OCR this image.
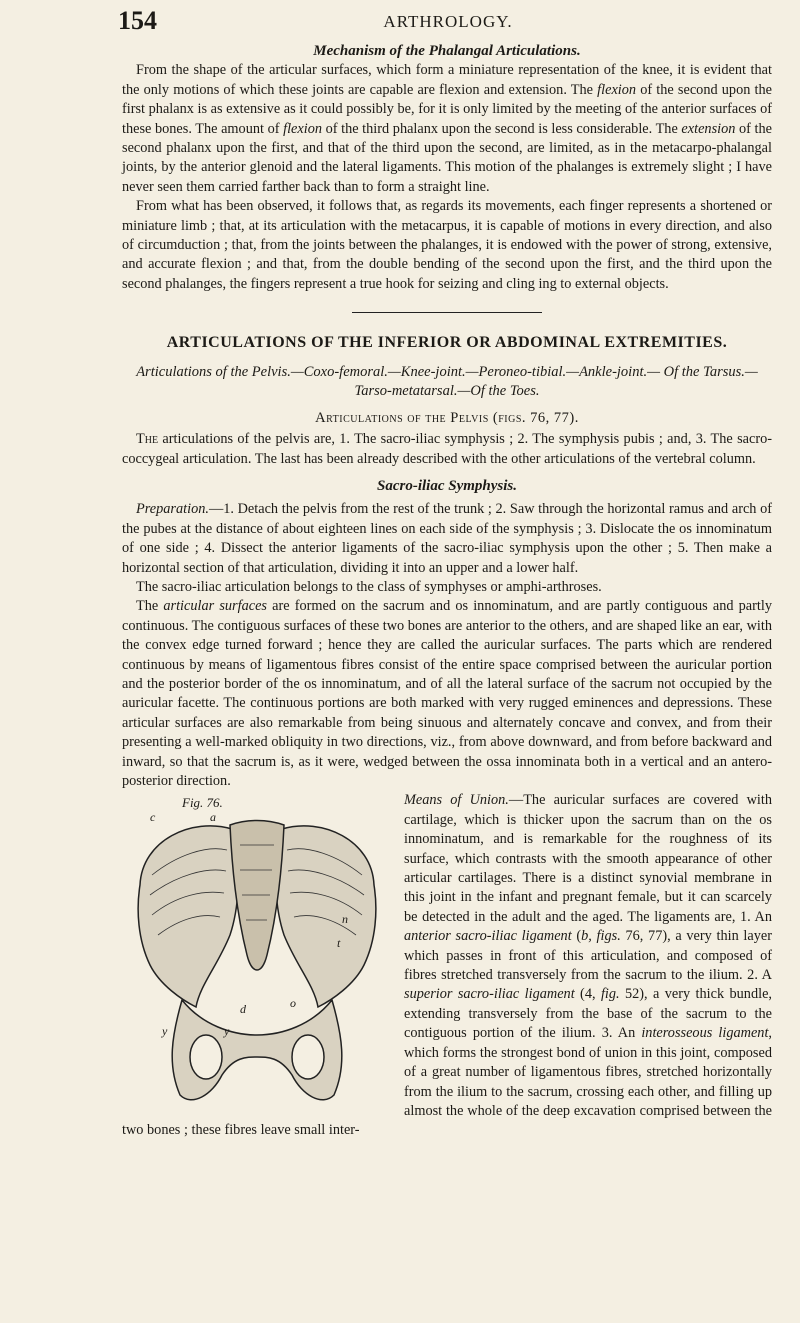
154	ARTHROLOGY.
Mechanism of the Phalangal Articulations.

From the shape of the articular surfaces, which form a miniature representation of the knee, it is evident that the only motions of which these joints are capable are flexion and extension. The flexion of the second upon the first phalanx is as extensive as it could possibly be, for it is only limited by the meeting of the anterior surfaces of these bones. The amount of flexion of the third phalanx upon the second is less considerable. The extension of the second phalanx upon the first, and that of the third upon the second, are limited, as in the metacarpo-phalangal joints, by the anterior glenoid and the lateral ligaments. This motion of the phalanges is extremely slight ; I have never seen them carried farther back than to form a straight line.

From what has been observed, it follows that, as regards its movements, each finger represents a shortened or miniature limb ; that, at its articulation with the metacarpus, it is capable of motions in every direction, and also of circumduction ; that, from the joints between the phalanges, it is endowed with the power of strong, extensive, and accurate flexion ; and that, from the double bending of the second upon the first, and the third upon the second phalanges, the fingers represent a true hook for seizing and cling ing to external objects.

ARTICULATIONS OF THE INFERIOR OR ABDOMINAL EXTREMITIES.
Articulations of the Pelvis.—Coxo-femoral.—Knee-joint.—Peroneo-tibial.—Ankle-joint.— Of the Tarsus.—Tarso-metatarsal.—Of the Toes.
Articulations of the Pelvis (figs. 76, 77).

The articulations of the pelvis are, 1. The sacro-iliac symphysis ; 2. The symphysis pubis ; and, 3. The sacro-coccygeal articulation. The last has been already described with the other articulations of the vertebral column.

Sacro-iliac Symphysis.

Preparation.—1. Detach the pelvis from the rest of the trunk ; 2. Saw through the horizontal ramus and arch of the pubes at the distance of about eighteen lines on each side of the symphysis ; 3. Dislocate the os innominatum of one side ; 4. Dissect the anterior ligaments of the sacro-iliac symphysis upon the other ; 5. Then make a horizontal section of that articulation, dividing it into an upper and a lower half.

The sacro-iliac articulation belongs to the class of symphyses or amphi-arthroses.

The articular surfaces are formed on the sacrum and os innominatum, and are partly contiguous and partly continuous. The contiguous surfaces of these two bones are anterior to the others, and are shaped like an ear, with the convex edge turned forward ; hence they are called the auricular surfaces. The parts which are rendered continuous by means of ligamentous fibres consist of the entire space comprised between the auricular portion and the posterior border of the os innominatum, and of all the lateral surface of the sacrum not occupied by the auricular facette. The continuous portions are both marked with very rugged eminences and depressions. These articular surfaces are also remarkable from being sinuous and alternately concave and convex, and from their presenting a well-marked obliquity in two directions, viz., from above downward, and from before backward and inward, so that the sacrum is, as it were, wedged between the ossa innominata both in a vertical and an antero-posterior direction.

Fig. 76.
c	a
n
t
d	o
y	y
Means of Union.—The auricular surfaces are covered with cartilage, which is thicker upon the sacrum than on the os innominatum, and is remarkable for the roughness of its surface, which contrasts with the smooth appearance of other articular cartilages. There is a distinct synovial membrane in this joint in the infant and pregnant female, but it can scarcely be detected in the adult and the aged. The ligaments are, 1. An anterior sacro-iliac ligament (b, figs. 76, 77), a very thin layer which passes in front of this articulation, and composed of fibres stretched transversely from the sacrum to the ilium. 2. A superior sacro-iliac ligament (4, fig. 52), a very thick bundle, extending transversely from the base of the sacrum to the contiguous portion of the ilium. 3. An interosseous ligament, which forms the strongest bond of union in this joint, composed of a great number of ligamentous fibres, stretched horizontally from the ilium to the sacrum, crossing each other, and filling up almost the whole of the deep excavation comprised between the two bones ; these fibres leave small inter-
